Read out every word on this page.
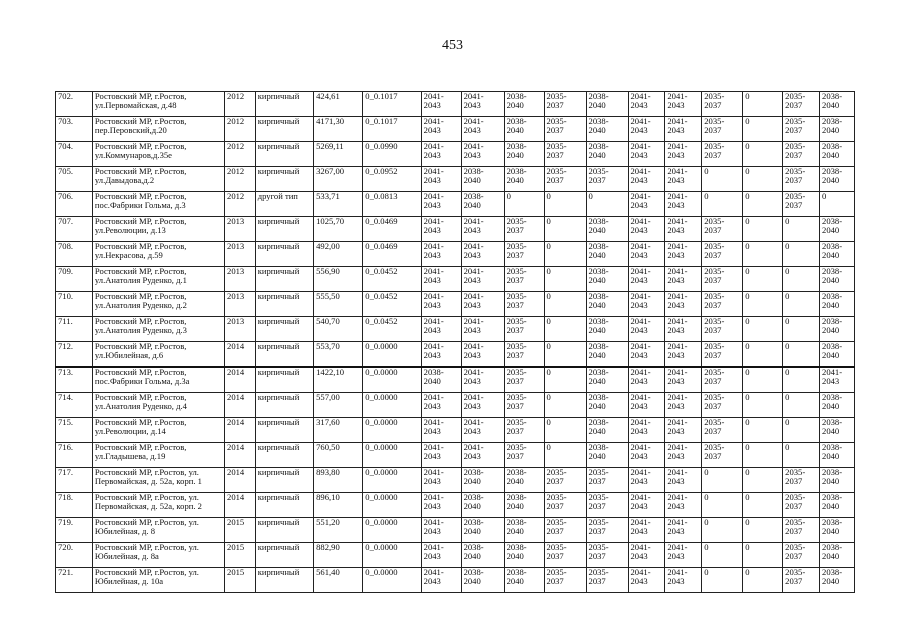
453
702.	Ростовский МР, г.Ростов, ул.Первомайская, д.48	2012	кирпичный	424,61	0_0.1017	2041-
2043	2041-
2043	2038-
2040	2035-
2037	2038-
2040	2041-
2043	2041-
2043	2035-
2037	0	2035-
2037	2038-
2040

703.	Ростовский МР, г.Ростов, пер.Перовский,д.20	2012	кирпичный	4171,30	0_0.1017	2041-
2043	2041-
2043	2038-
2040	2035-
2037	2038-
2040	2041-
2043	2041-
2043	2035-
2037	0	2035-
2037	2038-
2040

704.	Ростовский МР, г.Ростов, ул.Коммунаров,д.35е	2012	кирпичный	5269,11	0_0.0990	2041-
2043	2041-
2043	2038-
2040	2035-
2037	2038-
2040	2041-
2043	2041-
2043	2035-
2037	0	2035-
2037	2038-
2040

705.	Ростовский МР, г.Ростов, ул.Давыдова,д.2	2012	кирпичный	3267,00	0_0.0952	2041-
2043	2038-
2040	2038-
2040	2035-
2037	2035-
2037	2041-
2043	2041-
2043	0	0	2035-
2037	2038-
2040

706.	Ростовский МР, г.Ростов, пос.Фабрики Гольма, д.3	2012	другой тип	533,71	0_0.0813	2041-
2043	2038-
2040	0	0	0	2041-
2043	2041-
2043	0	0	2035-
2037	0

707.	Ростовский МР, г.Ростов, ул.Революции, д.13	2013	кирпичный	1025,70	0_0.0469	2041-
2043	2041-
2043	2035-
2037	0	2038-
2040	2041-
2043	2041-
2043	2035-
2037	0	0	2038-
2040

708.	Ростовский МР, г.Ростов, ул.Некрасова, д.59	2013	кирпичный	492,00	0_0.0469	2041-
2043	2041-
2043	2035-
2037	0	2038-
2040	2041-
2043	2041-
2043	2035-
2037	0	0	2038-
2040

709.	Ростовский МР, г.Ростов, ул.Анатолия Руденко, д.1	2013	кирпичный	556,90	0_0.0452	2041-
2043	2041-
2043	2035-
2037	0	2038-
2040	2041-
2043	2041-
2043	2035-
2037	0	0	2038-
2040

710.	Ростовский МР, г.Ростов, ул.Анатолия Руденко, д.2	2013	кирпичный	555,50	0_0.0452	2041-
2043	2041-
2043	2035-
2037	0	2038-
2040	2041-
2043	2041-
2043	2035-
2037	0	0	2038-
2040

711.	Ростовский МР, г.Ростов, ул.Анатолия Руденко, д.3	2013	кирпичный	540,70	0_0.0452	2041-
2043	2041-
2043	2035-
2037	0	2038-
2040	2041-
2043	2041-
2043	2035-
2037	0	0	2038-
2040

712.	Ростовский МР, г.Ростов, ул.Юбилейная, д.6	2014	кирпичный	553,70	0_0.0000	2041-
2043	2041-
2043	2035-
2037	0	2038-
2040	2041-
2043	2041-
2043	2035-
2037	0	0	2038-
2040

713.	Ростовский МР, г.Ростов, пос.Фабрики Гольма, д.3а	2014	кирпичный	1422,10	0_0.0000	2038-
2040	2041-
2043	2035-
2037	0	2038-
2040	2041-
2043	2041-
2043	2035-
2037	0	0	2041-
2043

714.	Ростовский МР, г.Ростов, ул.Анатолия Руденко, д.4	2014	кирпичный	557,00	0_0.0000	2041-
2043	2041-
2043	2035-
2037	0	2038-
2040	2041-
2043	2041-
2043	2035-
2037	0	0	2038-
2040

715.	Ростовский МР, г.Ростов, ул.Революции, д.14	2014	кирпичный	317,60	0_0.0000	2041-
2043	2041-
2043	2035-
2037	0	2038-
2040	2041-
2043	2041-
2043	2035-
2037	0	0	2038-
2040

716.	Ростовский МР, г.Ростов, ул.Гладышева, д.19	2014	кирпичный	760,50	0_0.0000	2041-
2043	2041-
2043	2035-
2037	0	2038-
2040	2041-
2043	2041-
2043	2035-
2037	0	0	2038-
2040

717.	Ростовский МР, г.Ростов, ул. Первомайская, д. 52а, корп. 1	2014	кирпичный	893,80	0_0.0000	2041-
2043	2038-
2040	2038-
2040	2035-
2037	2035-
2037	2041-
2043	2041-
2043	0	0	2035-
2037	2038-
2040

718.	Ростовский МР, г.Ростов, ул. Первомайская, д. 52а, корп. 2	2014	кирпичный	896,10	0_0.0000	2041-
2043	2038-
2040	2038-
2040	2035-
2037	2035-
2037	2041-
2043	2041-
2043	0	0	2035-
2037	2038-
2040

719.	Ростовский МР, г.Ростов, ул. Юбилейная, д. 8	2015	кирпичный	551,20	0_0.0000	2041-
2043	2038-
2040	2038-
2040	2035-
2037	2035-
2037	2041-
2043	2041-
2043	0	0	2035-
2037	2038-
2040

720.	Ростовский МР, г.Ростов, ул. Юбилейная, д. 8а	2015	кирпичный	882,90	0_0.0000	2041-
2043	2038-
2040	2038-
2040	2035-
2037	2035-
2037	2041-
2043	2041-
2043	0	0	2035-
2037	2038-
2040

721.	Ростовский МР, г.Ростов, ул. Юбилейная, д. 10а	2015	кирпичный	561,40	0_0.0000	2041-
2043	2038-
2040	2038-
2040	2035-
2037	2035-
2037	2041-
2043	2041-
2043	0	0	2035-
2037	2038-
2040
